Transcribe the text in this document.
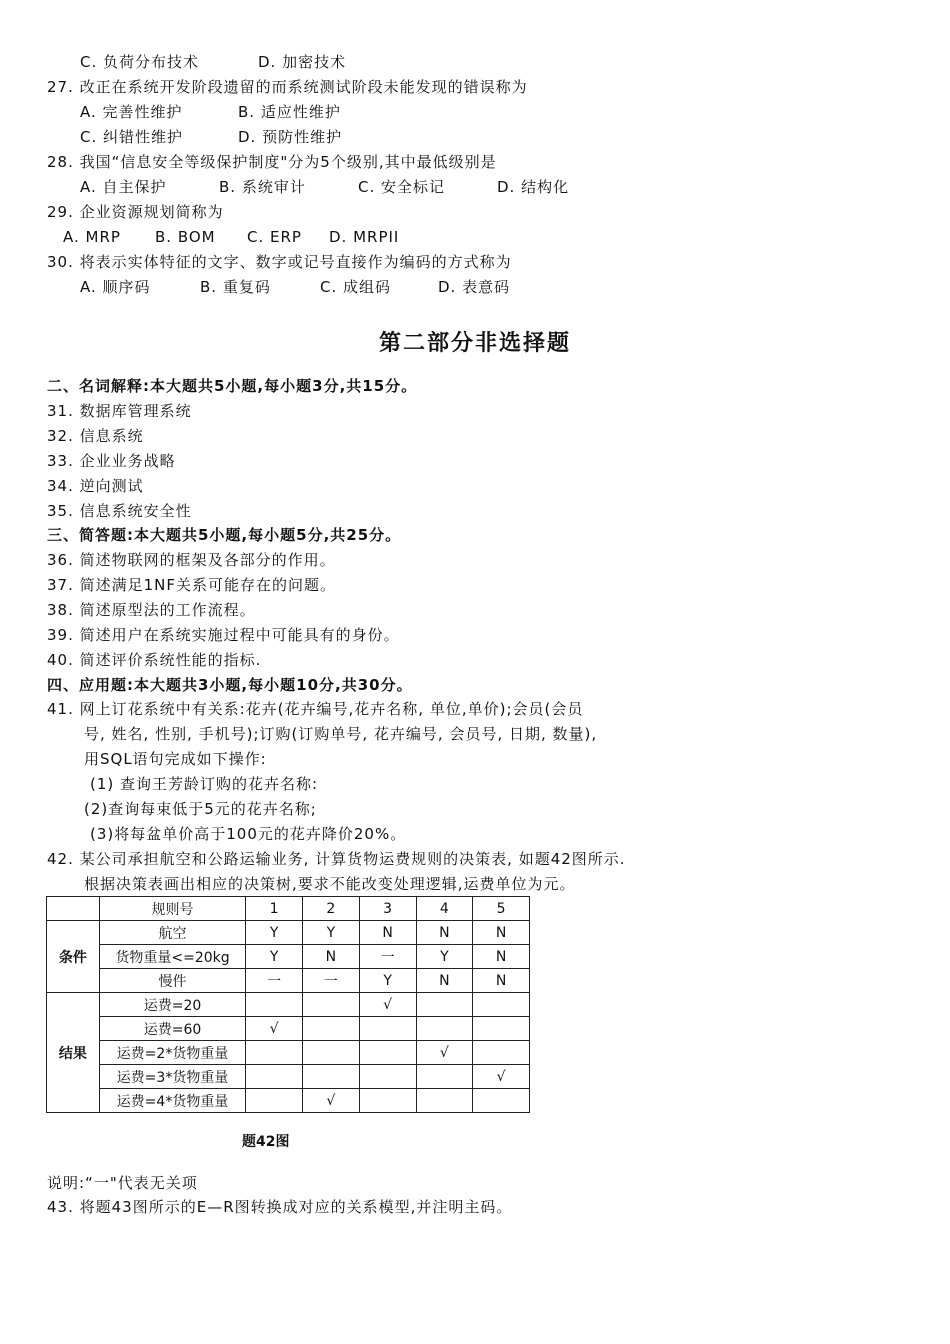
C. 负荷分布技术	D. 加密技术
27. 改正在系统开发阶段遗留的而系统测试阶段未能发现的错误称为
A. 完善性维护	B. 适应性维护
C. 纠错性维护	D. 预防性维护
28. 我国“信息安全等级保护制度"分为5个级别,其中最低级别是
A. 自主保护	B. 系统审计	C. 安全标记	D. 结构化
29. 企业资源规划简称为
A. MRP B. BOM C. ERP D. MRPII
30. 将表示实体特征的文字、数字或记号直接作为编码的方式称为
A. 顺序码	B. 重复码	C. 成组码	D. 表意码
第二部分非选择题
二、名词解释:本大题共5小题,每小题3分,共15分。
31. 数据库管理系统
32. 信息系统
33. 企业业务战略
34. 逆向测试
35. 信息系统安全性
三、简答题:本大题共5小题,每小题5分,共25分。
36. 简述物联网的框架及各部分的作用。
37. 简述满足1NF关系可能存在的问题。
38. 简述原型法的工作流程。
39. 简述用户在系统实施过程中可能具有的身份。
40. 简述评价系统性能的指标.
四、应用题:本大题共3小题,每小题10分,共30分。
41. 网上订花系统中有关系:花卉(花卉编号,花卉名称, 单位,单价);会员(会员
号, 姓名, 性别, 手机号);订购(订购单号, 花卉编号, 会员号, 日期, 数量),
用SQL语句完成如下操作:
(1) 查询王芳龄订购的花卉名称:
(2)查询每束低于5元的花卉名称;
(3)将每盆单价高于100元的花卉降价20%。
42. 某公司承担航空和公路运输业务, 计算货物运费规则的决策表, 如题42图所示.
根据决策表画出相应的决策树,要求不能改变处理逻辑,运费单位为元。
	规则号	1	2	3	4	5
条件	航空	Y	Y	N	N	N
	货物重量<=20kg	Y	N	一	Y	N
	慢件	一	一	Y	N	N
结果	运费=20			√		
	运费=60	√				
	运费=2*货物重量				√	
	运费=3*货物重量					√
	运费=4*货物重量		√			
题42图
说明:“一"代表无关项
43. 将题43图所示的E—R图转换成对应的关系模型,并注明主码。
